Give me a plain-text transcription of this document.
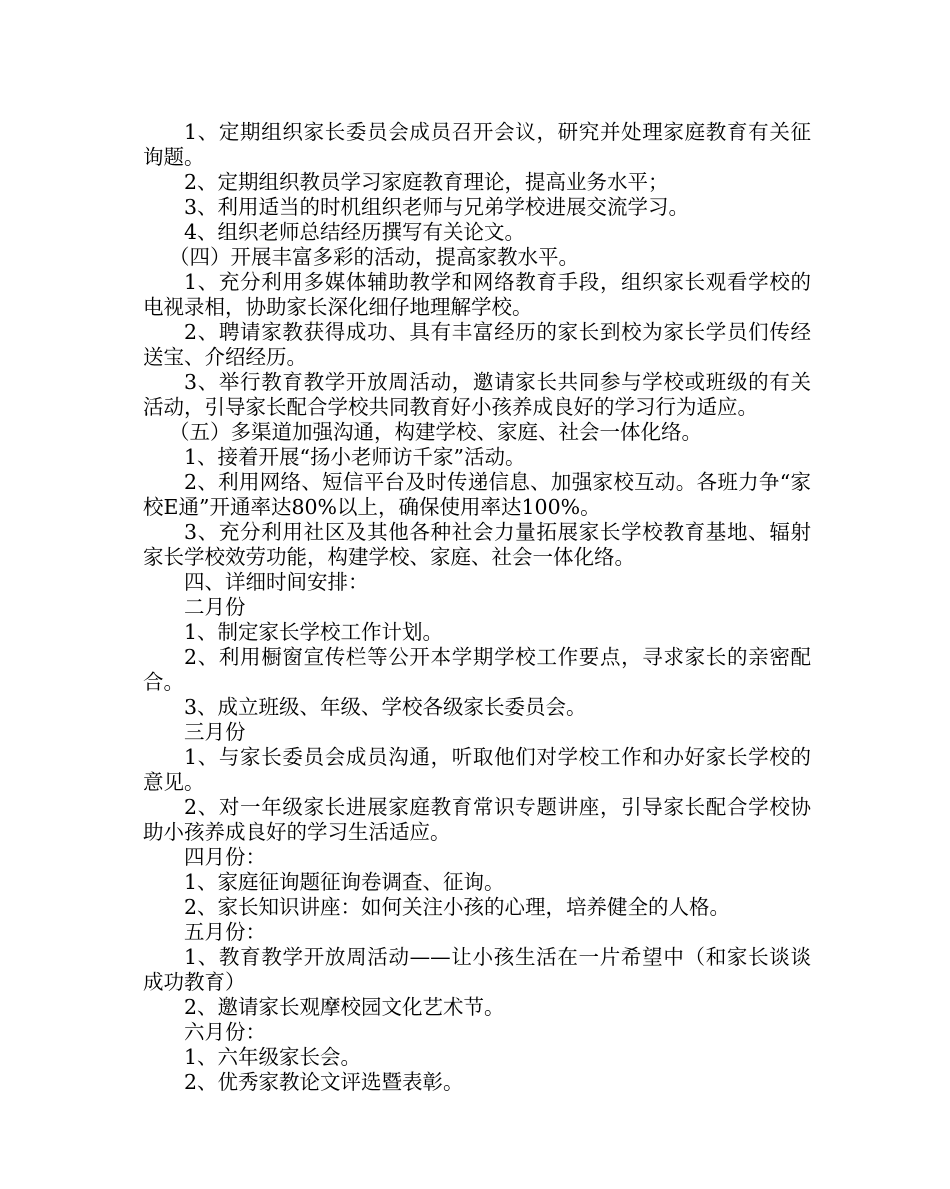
1、定期组织家长委员会成员召开会议，研究并处理家庭教育有关征询题。

2、定期组织教员学习家庭教育理论，提高业务水平；

3、利用适当的时机组织老师与兄弟学校进展交流学习。

4、组织老师总结经历撰写有关论文。

（四）开展丰富多彩的活动，提高家教水平。

1、充分利用多媒体辅助教学和网络教育手段，组织家长观看学校的电视录相，协助家长深化细仔地理解学校。

2、聘请家教获得成功、具有丰富经历的家长到校为家长学员们传经送宝、介绍经历。

3、举行教育教学开放周活动，邀请家长共同参与学校或班级的有关活动，引导家长配合学校共同教育好小孩养成良好的学习行为适应。

（五）多渠道加强沟通，构建学校、家庭、社会一体化络。

1、接着开展“扬小老师访千家”活动。

2、利用网络、短信平台及时传递信息、加强家校互动。各班力争“家校E通”开通率达80%以上，确保使用率达100%。

3、充分利用社区及其他各种社会力量拓展家长学校教育基地、辐射家长学校效劳功能，构建学校、家庭、社会一体化络。

四、详细时间安排：

二月份

1、制定家长学校工作计划。

2、利用橱窗宣传栏等公开本学期学校工作要点，寻求家长的亲密配合。

3、成立班级、年级、学校各级家长委员会。

三月份

1、与家长委员会成员沟通，听取他们对学校工作和办好家长学校的意见。

2、对一年级家长进展家庭教育常识专题讲座，引导家长配合学校协助小孩养成良好的学习生活适应。

四月份：

1、家庭征询题征询卷调查、征询。

2、家长知识讲座：如何关注小孩的心理，培养健全的人格。

五月份：

1、教育教学开放周活动——让小孩生活在一片希望中（和家长谈谈成功教育）

2、邀请家长观摩校园文化艺术节。

六月份：

1、六年级家长会。

2、优秀家教论文评选暨表彰。
